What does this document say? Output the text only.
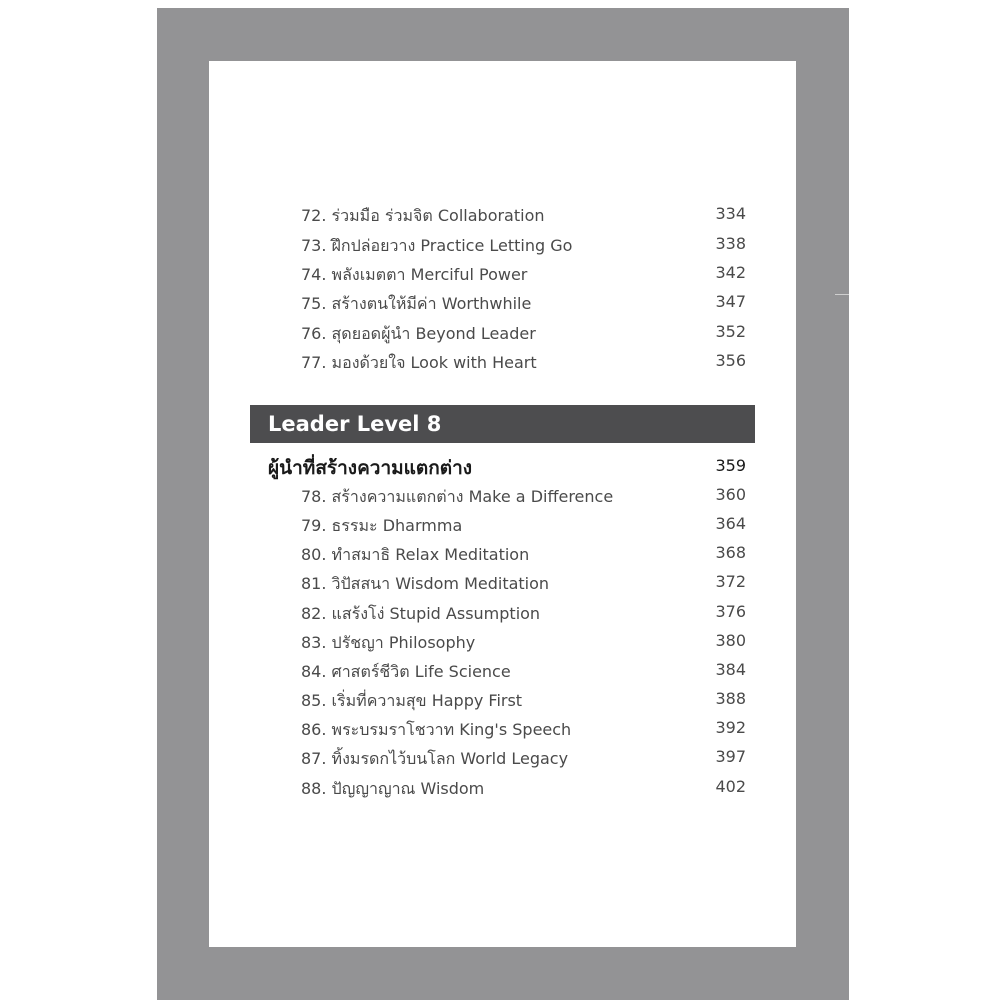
72. ร่วมมือ ร่วมจิต Collaboration	334
73. ฝึกปล่อยวาง Practice Letting Go	338
74. พลังเมตตา Merciful Power	342
75. สร้างตนให้มีค่า Worthwhile	347
76. สุดยอดผู้นำ Beyond Leader	352
77. มองด้วยใจ Look with Heart	356
Leader Level 8
ผู้นำที่สร้างความแตกต่าง	359
78. สร้างความแตกต่าง Make a Difference	360
79. ธรรมะ Dharmma	364
80. ทำสมาธิ Relax Meditation	368
81. วิปัสสนา Wisdom Meditation	372
82. แสร้งโง่ Stupid Assumption	376
83. ปรัชญา Philosophy	380
84. ศาสตร์ชีวิต Life Science	384
85. เริ่มที่ความสุข Happy First	388
86. พระบรมราโชวาท King's Speech	392
87. ทิ้งมรดกไว้บนโลก World Legacy	397
88. ปัญญาญาณ Wisdom	402
